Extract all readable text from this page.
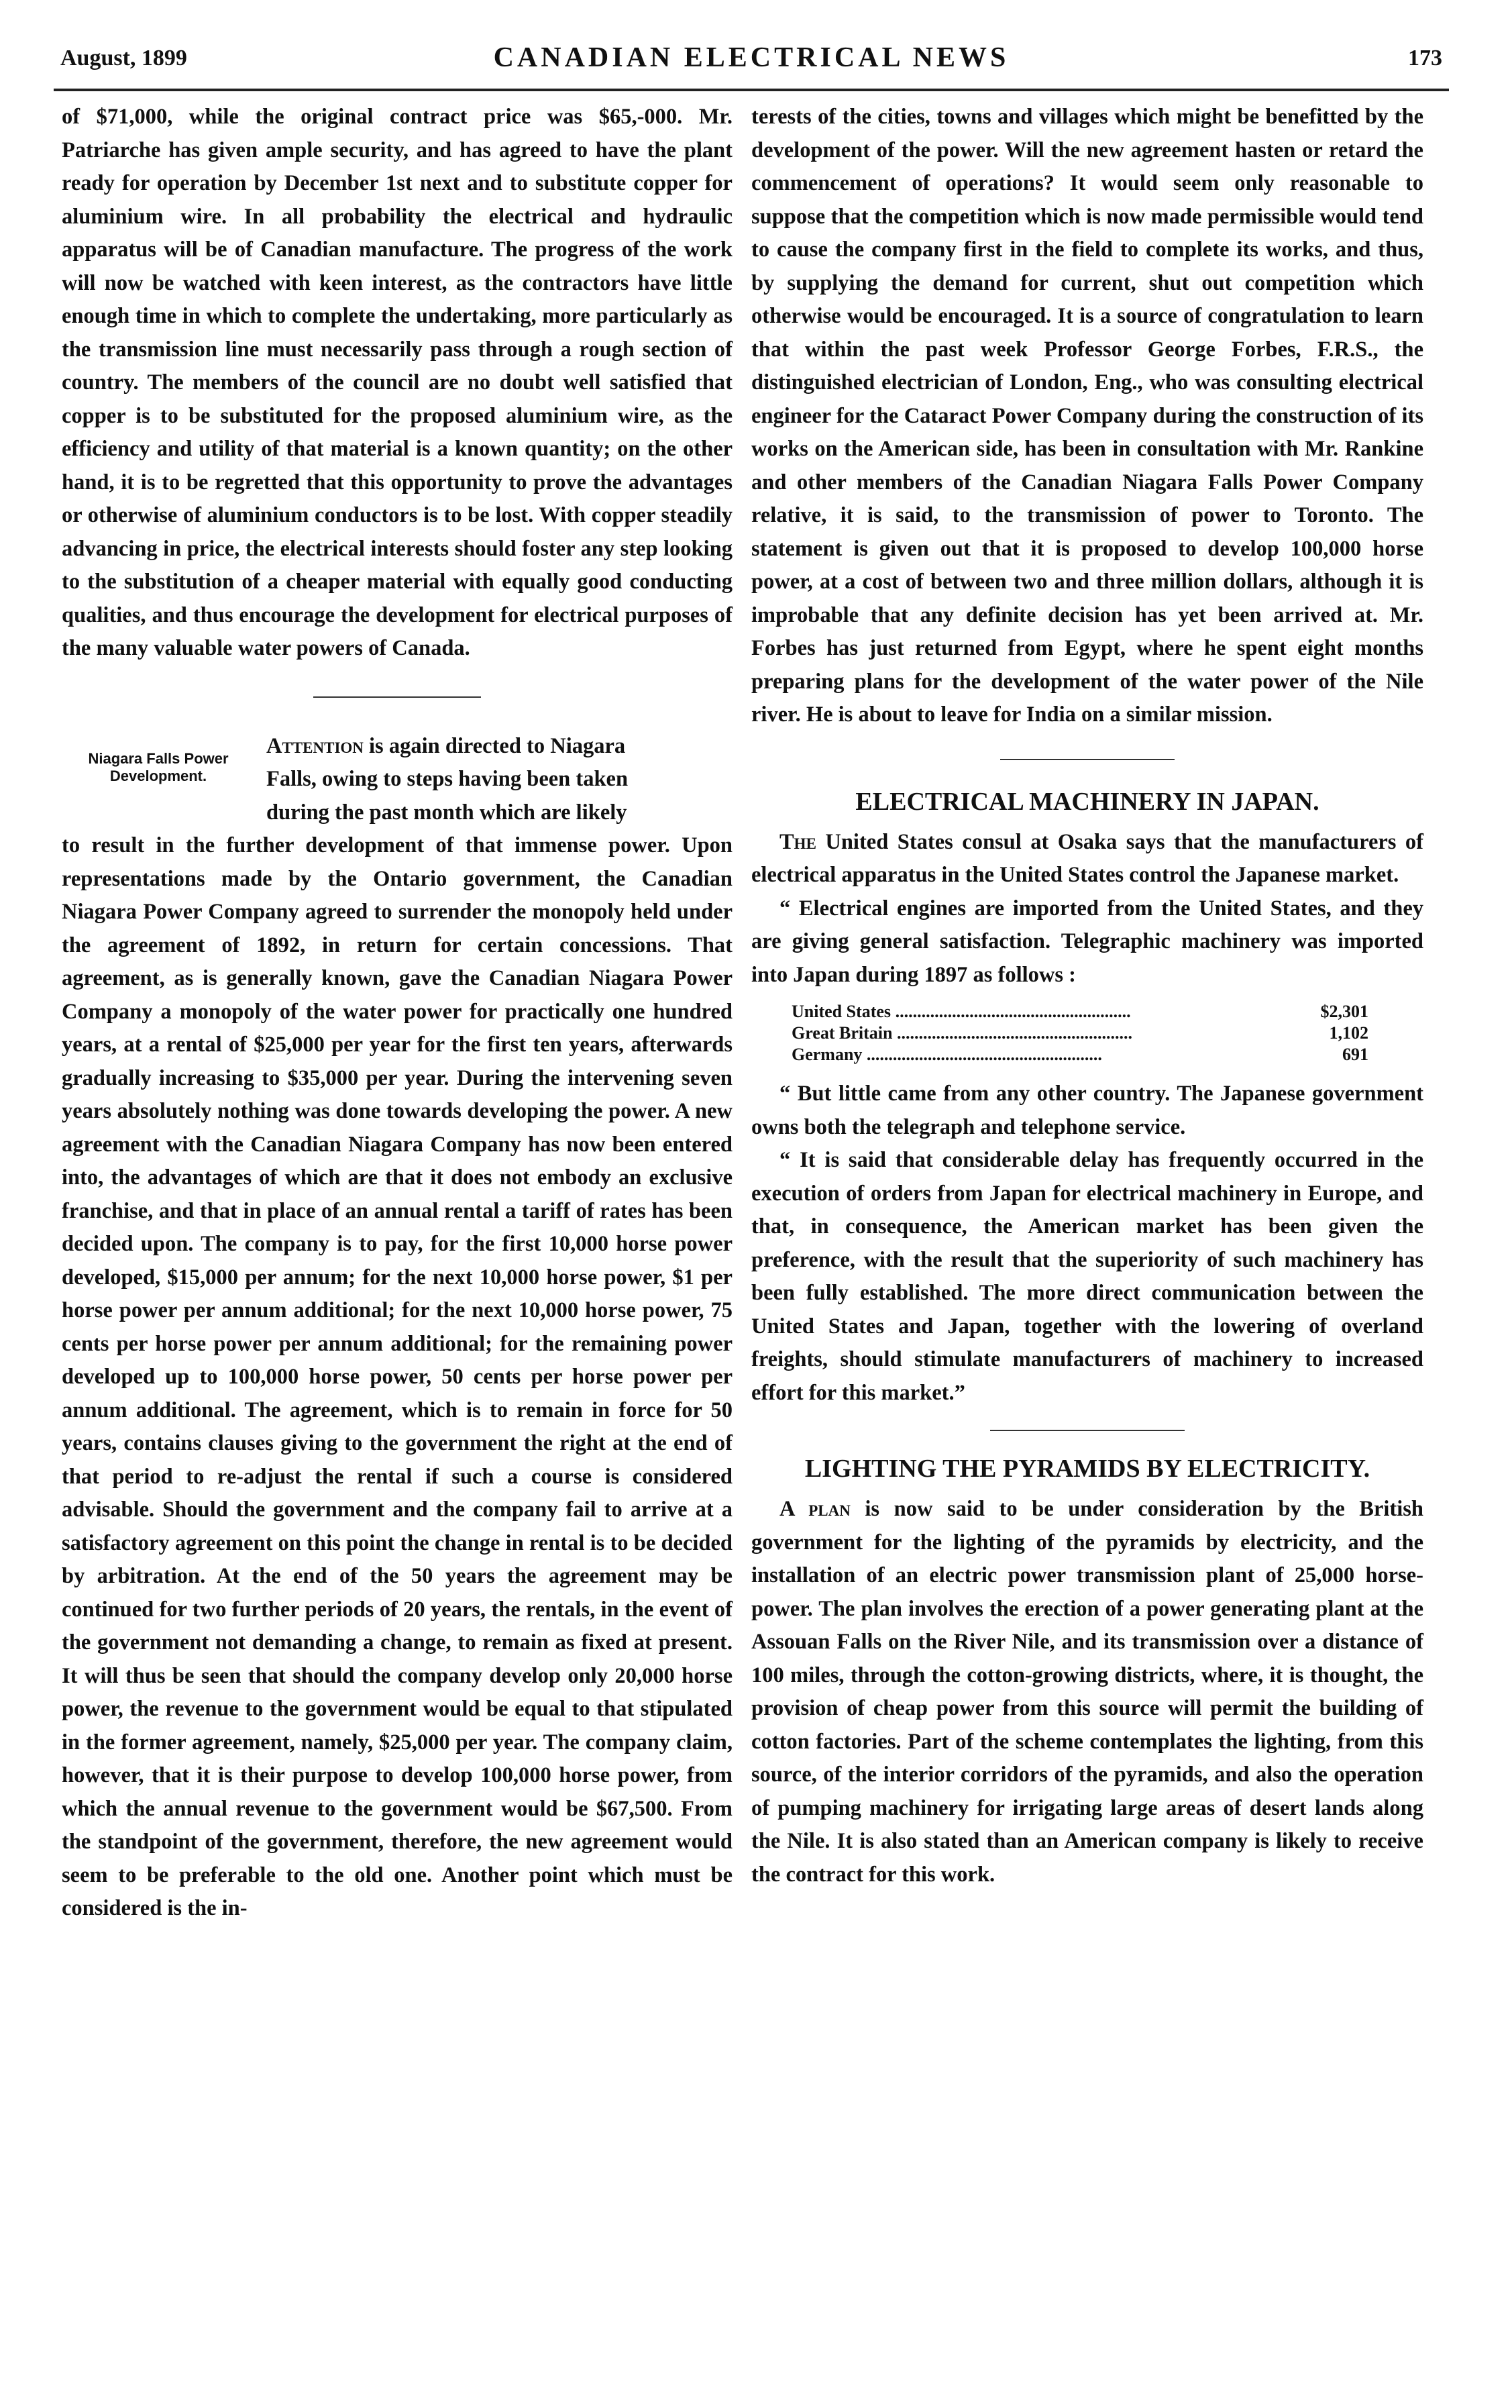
August, 1899	CANADIAN ELECTRICAL NEWS	173

of $71,000, while the original contract price was $65,-000. Mr. Patriarche has given ample security, and has agreed to have the plant ready for operation by December 1st next and to substitute copper for aluminium wire. In all probability the electrical and hydraulic apparatus will be of Canadian manufacture. The progress of the work will now be watched with keen interest, as the contractors have little enough time in which to complete the undertaking, more particularly as the transmission line must necessarily pass through a rough section of country. The members of the council are no doubt well satisfied that copper is to be substituted for the proposed aluminium wire, as the efficiency and utility of that material is a known quantity; on the other hand, it is to be regretted that this opportunity to prove the advantages or otherwise of aluminium conductors is to be lost. With copper steadily advancing in price, the electrical interests should foster any step looking to the substitution of a cheaper material with equally good conducting qualities, and thus encourage the development for electrical purposes of the many valuable water powers of Canada.

Niagara Falls Power Development.

Attention is again directed to Niagara

Falls, owing to steps having been taken

during the past month which are likely

to result in the further development of that immense power. Upon representations made by the Ontario government, the Canadian Niagara Power Company agreed to surrender the monopoly held under the agreement of 1892, in return for certain concessions. That agreement, as is generally known, gave the Canadian Niagara Power Company a monopoly of the water power for practically one hundred years, at a rental of $25,000 per year for the first ten years, afterwards gradually increasing to $35,000 per year. During the intervening seven years absolutely nothing was done towards developing the power. A new agreement with the Canadian Niagara Company has now been entered into, the advantages of which are that it does not embody an exclusive franchise, and that in place of an annual rental a tariff of rates has been decided upon. The company is to pay, for the first 10,000 horse power developed, $15,000 per annum; for the next 10,000 horse power, $1 per horse power per annum additional; for the next 10,000 horse power, 75 cents per horse power per annum additional; for the remaining power developed up to 100,000 horse power, 50 cents per horse power per annum additional. The agreement, which is to remain in force for 50 years, contains clauses giving to the government the right at the end of that period to re-adjust the rental if such a course is considered advisable. Should the government and the company fail to arrive at a satisfactory agreement on this point the change in rental is to be decided by arbitration. At the end of the 50 years the agreement may be continued for two further periods of 20 years, the rentals, in the event of the government not demanding a change, to remain as fixed at present. It will thus be seen that should the company develop only 20,000 horse power, the revenue to the government would be equal to that stipulated in the former agreement, namely, $25,000 per year. The company claim, however, that it is their purpose to develop 100,000 horse power, from which the annual revenue to the government would be $67,500. From the standpoint of the government, therefore, the new agreement would seem to be preferable to the old one. Another point which must be considered is the in-

terests of the cities, towns and villages which might be benefitted by the development of the power. Will the new agreement hasten or retard the commencement of operations? It would seem only reasonable to suppose that the competition which is now made permissible would tend to cause the company first in the field to complete its works, and thus, by supplying the demand for current, shut out competition which otherwise would be encouraged. It is a source of congratulation to learn that within the past week Professor George Forbes, F.R.S., the distinguished electrician of London, Eng., who was consulting electrical engineer for the Cataract Power Company during the construction of its works on the American side, has been in consultation with Mr. Rankine and other members of the Canadian Niagara Falls Power Company relative, it is said, to the transmission of power to Toronto. The statement is given out that it is proposed to develop 100,000 horse power, at a cost of between two and three million dollars, although it is improbable that any definite decision has yet been arrived at. Mr. Forbes has just returned from Egypt, where he spent eight months preparing plans for the development of the water power of the Nile river. He is about to leave for India on a similar mission.

ELECTRICAL MACHINERY IN JAPAN.

The United States consul at Osaka says that the manufacturers of electrical apparatus in the United States control the Japanese market.

“ Electrical engines are imported from the United States, and they are giving general satisfaction. Telegraphic machinery was imported into Japan during 1897 as follows :

United States ......................................................	$2,301
Great Britain ......................................................	1,102
Germany ......................................................	691

“ But little came from any other country. The Japanese government owns both the telegraph and telephone service.

“ It is said that considerable delay has frequently occurred in the execution of orders from Japan for electrical machinery in Europe, and that, in consequence, the American market has been given the preference, with the result that the superiority of such machinery has been fully established. The more direct communication between the United States and Japan, together with the lowering of overland freights, should stimulate manufacturers of machinery to increased effort for this market.”

LIGHTING THE PYRAMIDS BY ELECTRICITY.

A plan is now said to be under consideration by the British government for the lighting of the pyramids by electricity, and the installation of an electric power transmission plant of 25,000 horse-power. The plan involves the erection of a power generating plant at the Assouan Falls on the River Nile, and its transmission over a distance of 100 miles, through the cotton-growing districts, where, it is thought, the provision of cheap power from this source will permit the building of cotton factories. Part of the scheme contemplates the lighting, from this source, of the interior corridors of the pyramids, and also the operation of pumping machinery for irrigating large areas of desert lands along the Nile. It is also stated than an American company is likely to receive the contract for this work.
